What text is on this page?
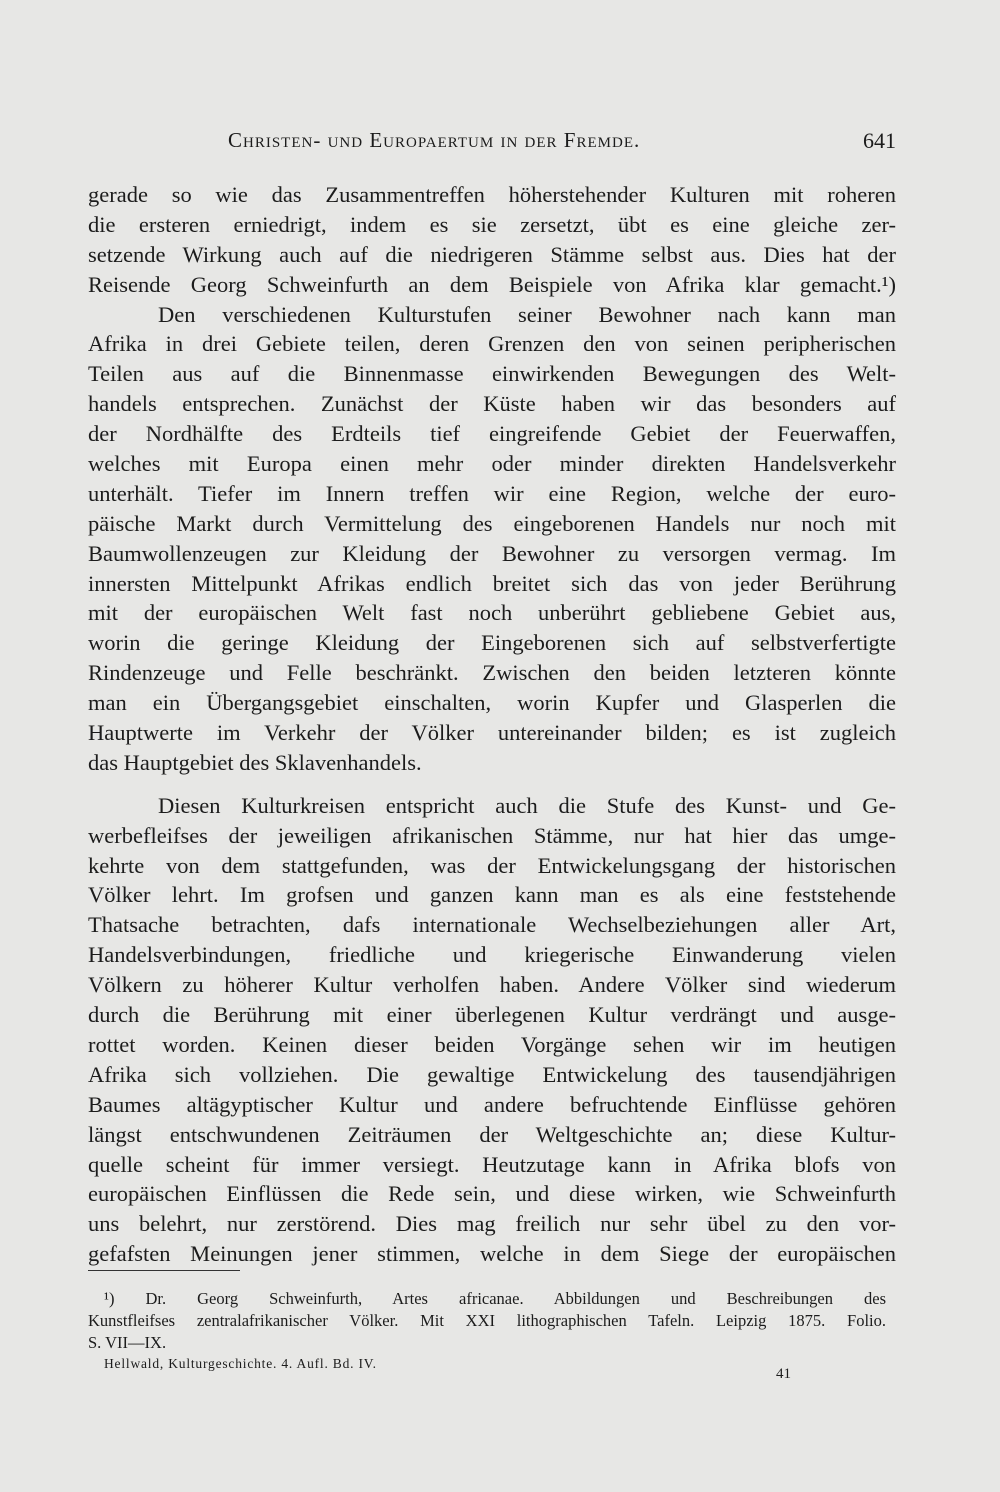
Christen- und Europaertum in der Fremde.	641
gerade so wie das Zusammentreffen höherstehender Kulturen mit roheren
die ersteren erniedrigt, indem es sie zersetzt, übt es eine gleiche zer-
setzende Wirkung auch auf die niedrigeren Stämme selbst aus. Dies hat der
Reisende Georg Schweinfurth an dem Beispiele von Afrika klar gemacht.¹)
Den verschiedenen Kulturstufen seiner Bewohner nach kann man
Afrika in drei Gebiete teilen, deren Grenzen den von seinen peripherischen
Teilen aus auf die Binnenmasse einwirkenden Bewegungen des Welt-
handels entsprechen. Zunächst der Küste haben wir das besonders auf
der Nordhälfte des Erdteils tief eingreifende Gebiet der Feuerwaffen,
welches mit Europa einen mehr oder minder direkten Handelsverkehr
unterhält. Tiefer im Innern treffen wir eine Region, welche der euro-
päische Markt durch Vermittelung des eingeborenen Handels nur noch mit
Baumwollenzeugen zur Kleidung der Bewohner zu versorgen vermag. Im
innersten Mittelpunkt Afrikas endlich breitet sich das von jeder Berührung
mit der europäischen Welt fast noch unberührt gebliebene Gebiet aus,
worin die geringe Kleidung der Eingeborenen sich auf selbstverfertigte
Rindenzeuge und Felle beschränkt. Zwischen den beiden letzteren könnte
man ein Übergangsgebiet einschalten, worin Kupfer und Glasperlen die
Hauptwerte im Verkehr der Völker untereinander bilden; es ist zugleich
das Hauptgebiet des Sklavenhandels.
Diesen Kulturkreisen entspricht auch die Stufe des Kunst- und Ge-
werbefleifses der jeweiligen afrikanischen Stämme, nur hat hier das umge-
kehrte von dem stattgefunden, was der Entwickelungsgang der historischen
Völker lehrt. Im grofsen und ganzen kann man es als eine feststehende
Thatsache betrachten, dafs internationale Wechselbeziehungen aller Art,
Handelsverbindungen, friedliche und kriegerische Einwanderung vielen
Völkern zu höherer Kultur verholfen haben. Andere Völker sind wiederum
durch die Berührung mit einer überlegenen Kultur verdrängt und ausge-
rottet worden. Keinen dieser beiden Vorgänge sehen wir im heutigen
Afrika sich vollziehen. Die gewaltige Entwickelung des tausendjährigen
Baumes altägyptischer Kultur und andere befruchtende Einflüsse gehören
längst entschwundenen Zeiträumen der Weltgeschichte an; diese Kultur-
quelle scheint für immer versiegt. Heutzutage kann in Afrika blofs von
europäischen Einflüssen die Rede sein, und diese wirken, wie Schweinfurth
uns belehrt, nur zerstörend. Dies mag freilich nur sehr übel zu den vor-
gefafsten Meinungen jener stimmen, welche in dem Siege der europäischen
¹) Dr. Georg Schweinfurth, Artes africanae. Abbildungen und Beschreibungen des
Kunstfleifses zentralafrikanischer Völker. Mit XXI lithographischen Tafeln. Leipzig 1875. Folio.
S. VII—IX.
Hellwald, Kulturgeschichte. 4. Aufl. Bd. IV.
41
